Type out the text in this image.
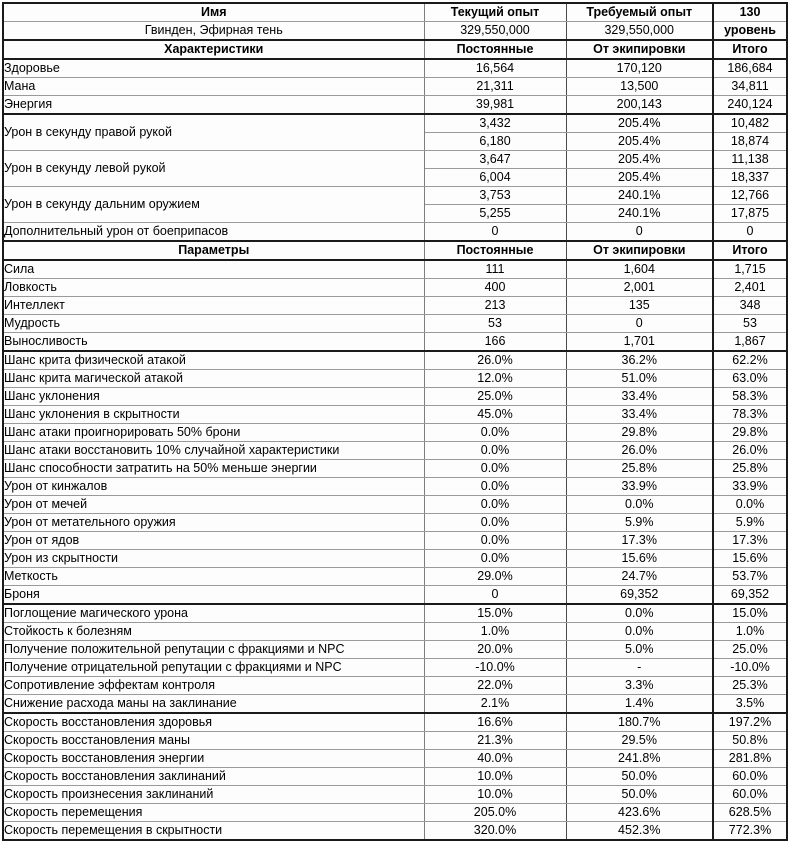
Имя	Текущий опыт	Требуемый опыт	130
Гвинден, Эфирная тень	329,550,000	329,550,000	уровень
Характеристики	Постоянные	От экипировки	Итого
Здоровье	16,564	170,120	186,684
Мана	21,311	13,500	34,811
Энергия	39,981	200,143	240,124
Урон в секунду правой рукой	3,432	205.4%	10,482
	6,180	205.4%	18,874
Урон в секунду левой рукой	3,647	205.4%	11,138
	6,004	205.4%	18,337
Урон в секунду дальним оружием	3,753	240.1%	12,766
	5,255	240.1%	17,875
Дополнительный урон от боеприпасов	0	0	0
Параметры	Постоянные	От экипировки	Итого
Сила	111	1,604	1,715
Ловкость	400	2,001	2,401
Интеллект	213	135	348
Мудрость	53	0	53
Выносливость	166	1,701	1,867
Шанс крита физической атакой	26.0%	36.2%	62.2%
Шанс крита магической атакой	12.0%	51.0%	63.0%
Шанс уклонения	25.0%	33.4%	58.3%
Шанс уклонения в скрытности	45.0%	33.4%	78.3%
Шанс атаки проигнорировать 50% брони	0.0%	29.8%	29.8%
Шанс атаки восстановить 10% случайной характеристики	0.0%	26.0%	26.0%
Шанс способности затратить на 50% меньше энергии	0.0%	25.8%	25.8%
Урон от кинжалов	0.0%	33.9%	33.9%
Урон от мечей	0.0%	0.0%	0.0%
Урон от метательного оружия	0.0%	5.9%	5.9%
Урон от ядов	0.0%	17.3%	17.3%
Урон из скрытности	0.0%	15.6%	15.6%
Меткость	29.0%	24.7%	53.7%
Броня	0	69,352	69,352
Поглощение магического урона	15.0%	0.0%	15.0%
Стойкость к болезням	1.0%	0.0%	1.0%
Получение положительной репутации с фракциями и NPC	20.0%	5.0%	25.0%
Получение отрицательной репутации с фракциями и NPC	-10.0%	-	-10.0%
Сопротивление эффектам контроля	22.0%	3.3%	25.3%
Снижение расхода маны на заклинание	2.1%	1.4%	3.5%
Скорость восстановления здоровья	16.6%	180.7%	197.2%
Скорость восстановления маны	21.3%	29.5%	50.8%
Скорость восстановления энергии	40.0%	241.8%	281.8%
Скорость восстановления заклинаний	10.0%	50.0%	60.0%
Скорость произнесения заклинаний	10.0%	50.0%	60.0%
Скорость перемещения	205.0%	423.6%	628.5%
Скорость перемещения в скрытности	320.0%	452.3%	772.3%
